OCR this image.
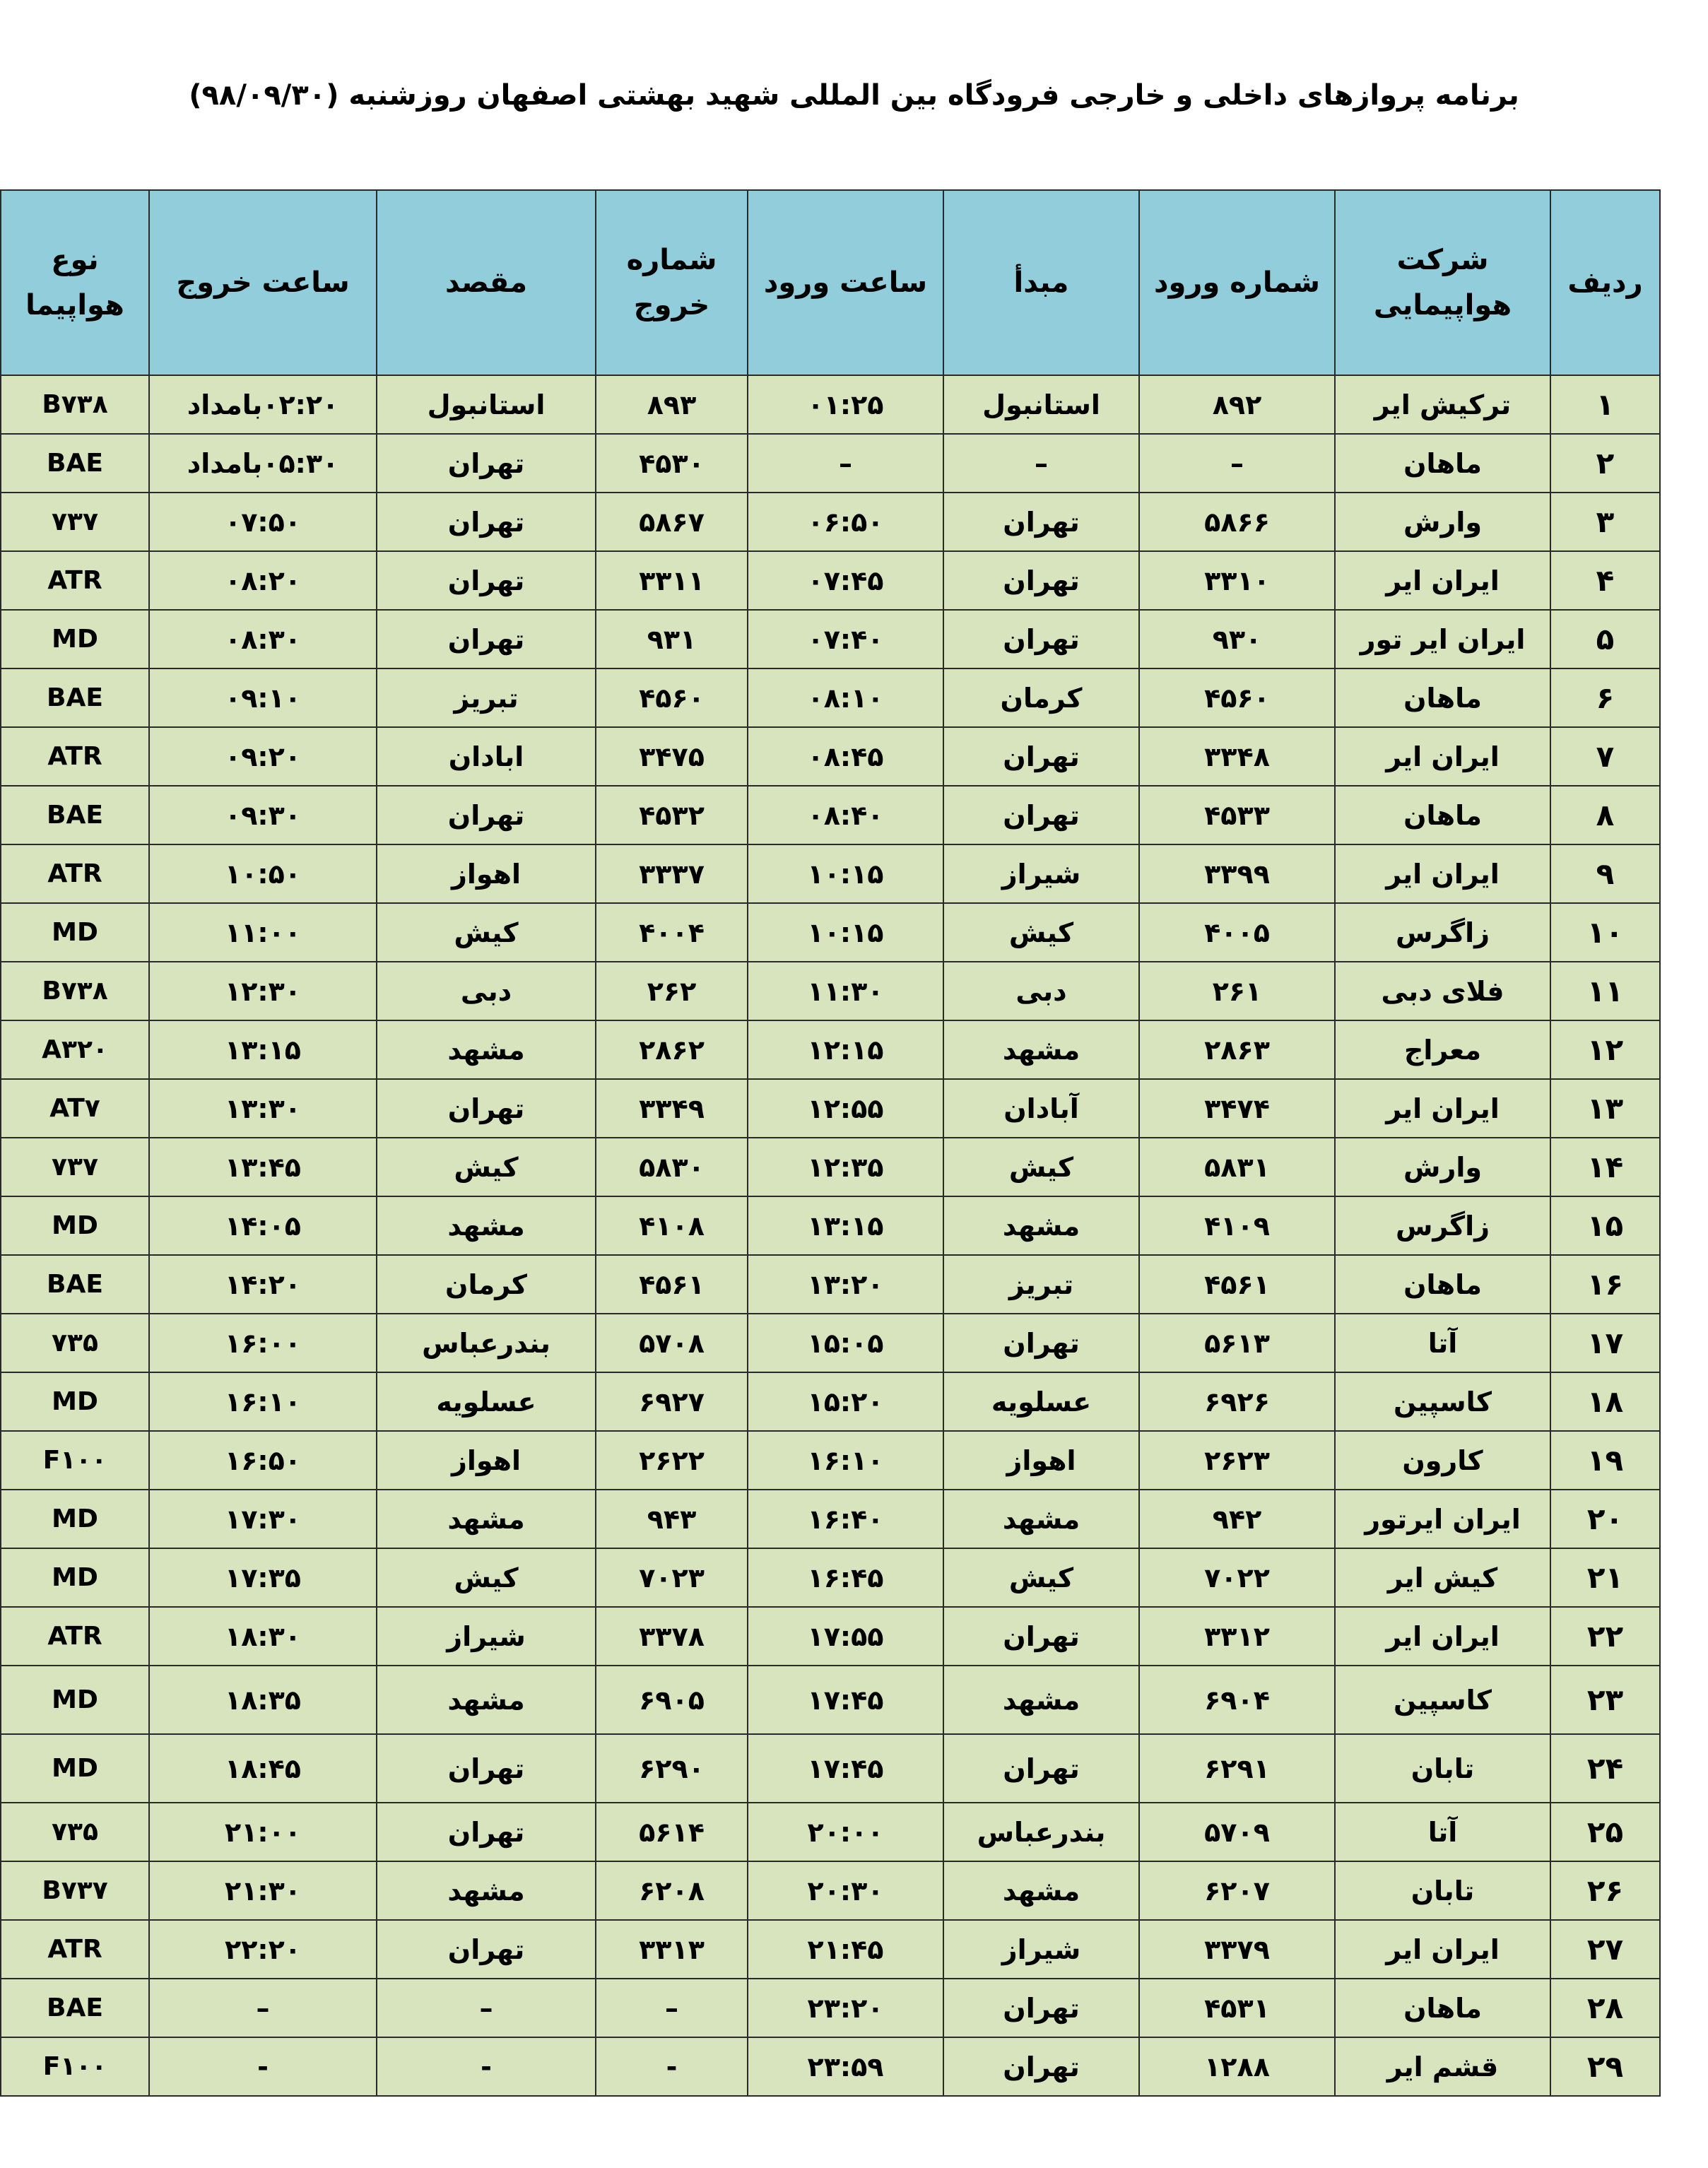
برنامه پروازهای داخلی و خارجی فرودگاه بین المللی شهید بهشتی اصفهان روزشنبه (۹۸/۰۹/۳۰)
ردیف	شرکت هواپیمایی	شماره ورود	مبدأ	ساعت ورود	شماره خروج	مقصد	ساعت خروج	نوع هواپیما
۱	ترکیش ایر	۸۹۲	استانبول	۰۱:۲۵	۸۹۳	استانبول	۰۲:۲۰بامداد	B۷۳۸
۲	ماهان	–	–	–	۴۵۳۰	تهران	۰۵:۳۰بامداد	BAE
۳	وارش	۵۸۶۶	تهران	۰۶:۵۰	۵۸۶۷	تهران	۰۷:۵۰	۷۳۷
۴	ایران ایر	۳۳۱۰	تهران	۰۷:۴۵	۳۳۱۱	تهران	۰۸:۲۰	ATR
۵	ایران ایر تور	۹۳۰	تهران	۰۷:۴۰	۹۳۱	تهران	۰۸:۳۰	MD
۶	ماهان	۴۵۶۰	کرمان	۰۸:۱۰	۴۵۶۰	تبریز	۰۹:۱۰	BAE
۷	ایران ایر	۳۳۴۸	تهران	۰۸:۴۵	۳۴۷۵	ابادان	۰۹:۲۰	ATR
۸	ماهان	۴۵۳۳	تهران	۰۸:۴۰	۴۵۳۲	تهران	۰۹:۳۰	BAE
۹	ایران ایر	۳۳۹۹	شیراز	۱۰:۱۵	۳۳۳۷	اهواز	۱۰:۵۰	ATR
۱۰	زاگرس	۴۰۰۵	کیش	۱۰:۱۵	۴۰۰۴	کیش	۱۱:۰۰	MD
۱۱	فلای دبی	۲۶۱	دبی	۱۱:۳۰	۲۶۲	دبی	۱۲:۳۰	B۷۳۸
۱۲	معراج	۲۸۶۳	مشهد	۱۲:۱۵	۲۸۶۲	مشهد	۱۳:۱۵	A۳۲۰
۱۳	ایران ایر	۳۴۷۴	آبادان	۱۲:۵۵	۳۳۴۹	تهران	۱۳:۳۰	AT۷
۱۴	وارش	۵۸۳۱	کیش	۱۲:۳۵	۵۸۳۰	کیش	۱۳:۴۵	۷۳۷
۱۵	زاگرس	۴۱۰۹	مشهد	۱۳:۱۵	۴۱۰۸	مشهد	۱۴:۰۵	MD
۱۶	ماهان	۴۵۶۱	تبریز	۱۳:۲۰	۴۵۶۱	کرمان	۱۴:۲۰	BAE
۱۷	آتا	۵۶۱۳	تهران	۱۵:۰۵	۵۷۰۸	بندرعباس	۱۶:۰۰	۷۳۵
۱۸	کاسپین	۶۹۲۶	عسلویه	۱۵:۲۰	۶۹۲۷	عسلویه	۱۶:۱۰	MD
۱۹	کارون	۲۶۲۳	اهواز	۱۶:۱۰	۲۶۲۲	اهواز	۱۶:۵۰	F۱۰۰
۲۰	ایران ایرتور	۹۴۲	مشهد	۱۶:۴۰	۹۴۳	مشهد	۱۷:۳۰	MD
۲۱	کیش ایر	۷۰۲۲	کیش	۱۶:۴۵	۷۰۲۳	کیش	۱۷:۳۵	MD
۲۲	ایران ایر	۳۳۱۲	تهران	۱۷:۵۵	۳۳۷۸	شیراز	۱۸:۳۰	ATR
۲۳	کاسپین	۶۹۰۴	مشهد	۱۷:۴۵	۶۹۰۵	مشهد	۱۸:۳۵	MD
۲۴	تابان	۶۲۹۱	تهران	۱۷:۴۵	۶۲۹۰	تهران	۱۸:۴۵	MD
۲۵	آتا	۵۷۰۹	بندرعباس	۲۰:۰۰	۵۶۱۴	تهران	۲۱:۰۰	۷۳۵
۲۶	تابان	۶۲۰۷	مشهد	۲۰:۳۰	۶۲۰۸	مشهد	۲۱:۳۰	B۷۳۷
۲۷	ایران ایر	۳۳۷۹	شیراز	۲۱:۴۵	۳۳۱۳	تهران	۲۲:۲۰	ATR
۲۸	ماهان	۴۵۳۱	تهران	۲۳:۲۰	–	–	–	BAE
۲۹	قشم ایر	۱۲۸۸	تهران	۲۳:۵۹	-	-	-	F۱۰۰
